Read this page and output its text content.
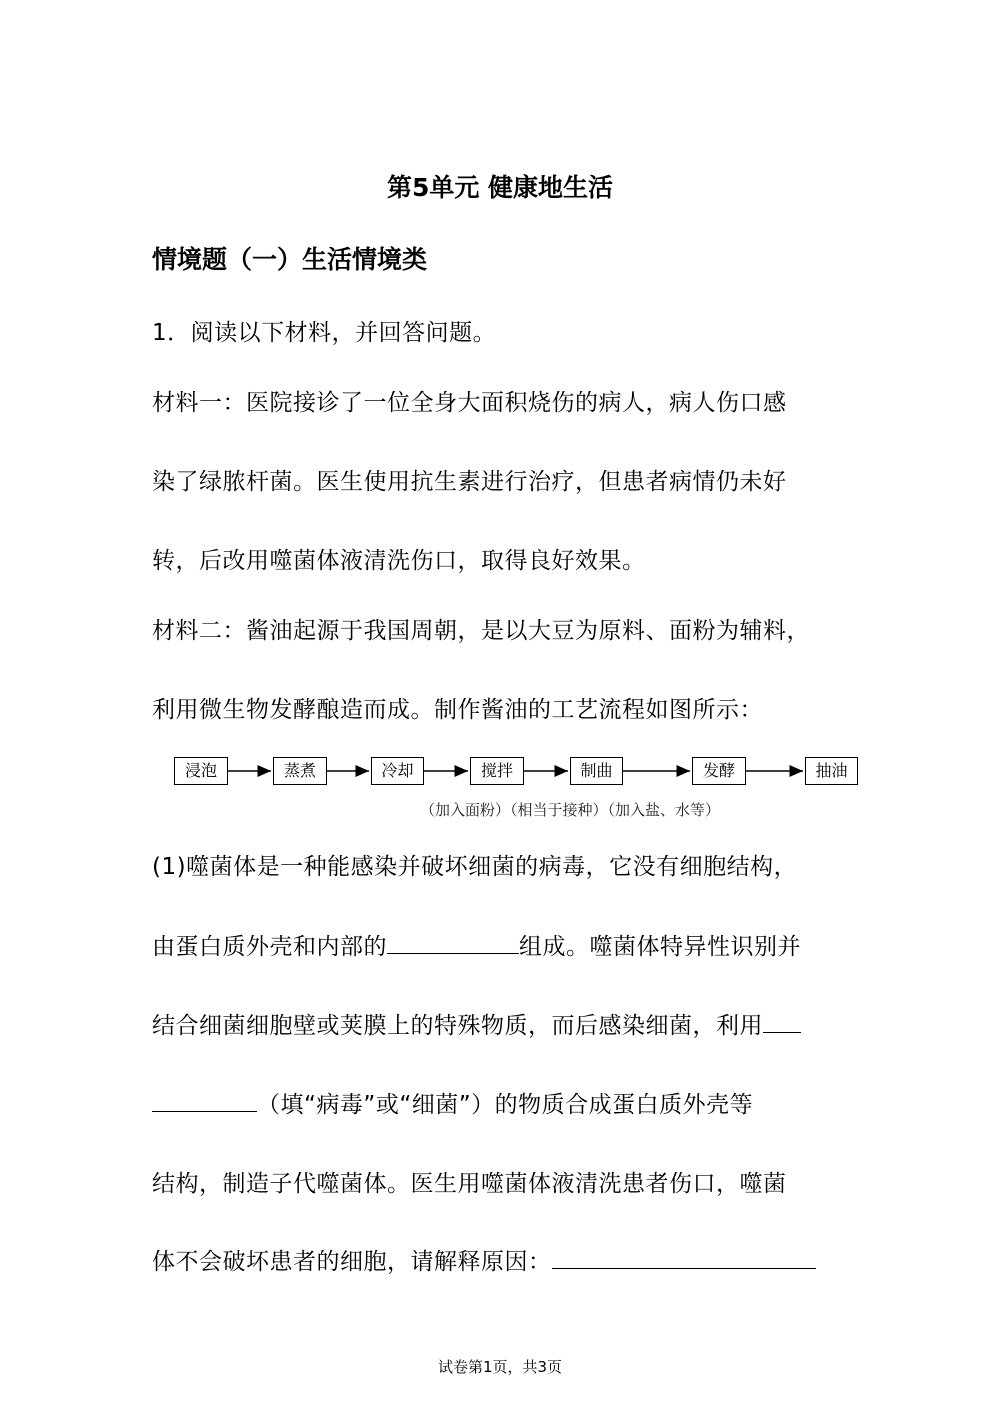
第5单元 健康地生活
情境题（一）生活情境类
1．阅读以下材料，并回答问题。
材料一：医院接诊了一位全身大面积烧伤的病人，病人伤口感
染了绿脓杆菌。医生使用抗生素进行治疗，但患者病情仍未好
转，后改用噬菌体液清洗伤口，取得良好效果。
材料二：酱油起源于我国周朝，是以大豆为原料、面粉为辅料，
利用微生物发酵酿造而成。制作酱油的工艺流程如图所示：
浸泡	蒸煮	冷却	搅拌	制曲	发酵	抽油
（加入面粉）（相当于接种）（加入盐、水等）
(1)噬菌体是一种能感染并破坏细菌的病毒，它没有细胞结构，
由蛋白质外壳和内部的	组成。噬菌体特异性识别并
结合细菌细胞壁或荚膜上的特殊物质，而后感染细菌，利用
（填“病毒”或“细菌”）的物质合成蛋白质外壳等
结构，制造子代噬菌体。医生用噬菌体液清洗患者伤口，噬菌
体不会破坏患者的细胞，请解释原因：
试卷第1页，共3页
